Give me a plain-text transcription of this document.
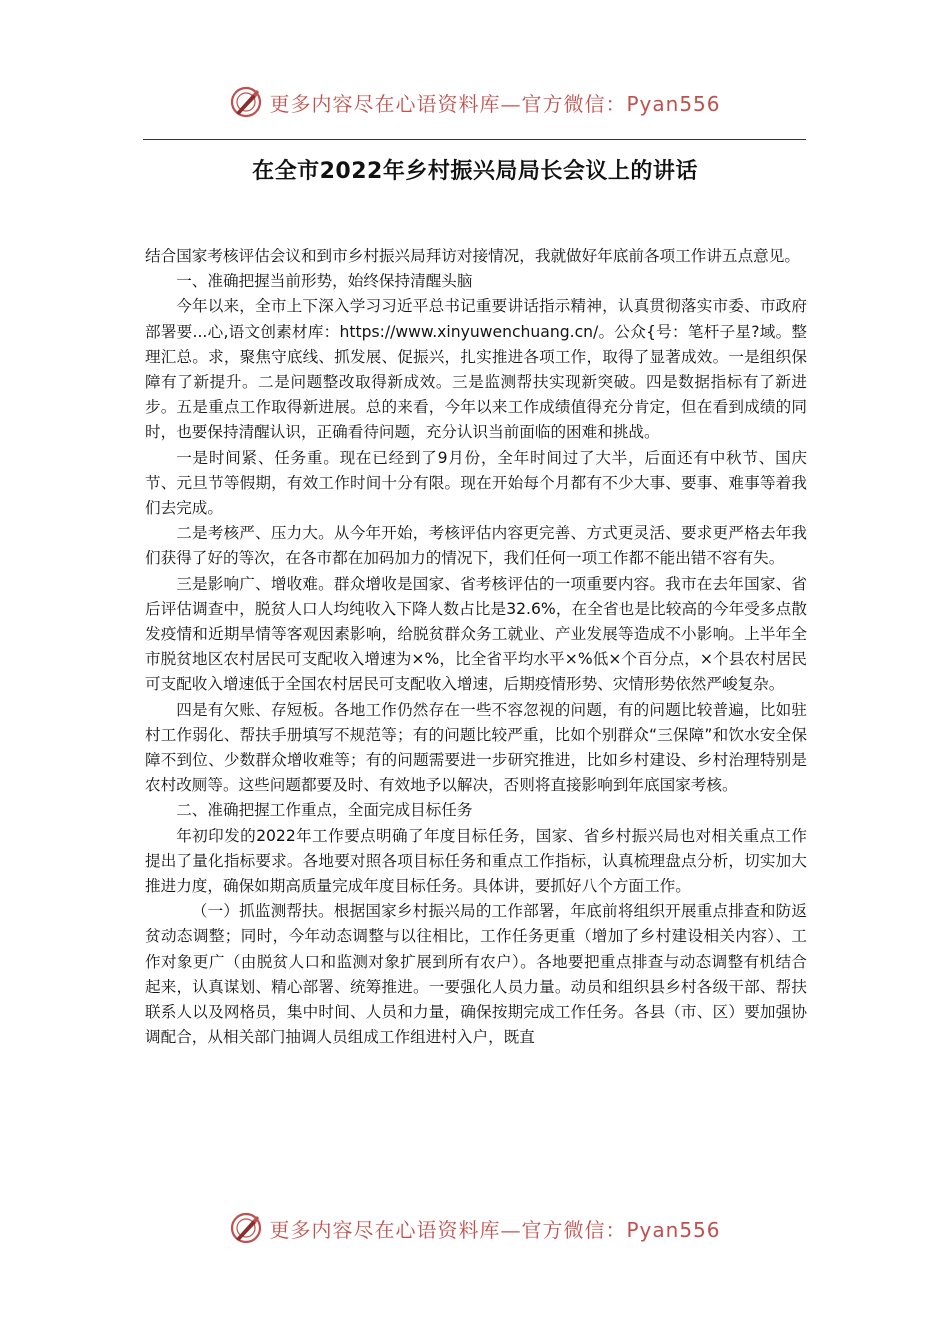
更多内容尽在心语资料库—官方微信：Pyan556
在全市2022年乡村振兴局局长会议上的讲话

结合国家考核评估会议和到市乡村振兴局拜访对接情况，我就做好年底前各项工作讲五点意见。

一、准确把握当前形势，始终保持清醒头脑

今年以来，全市上下深入学习习近平总书记重要讲话指示精神，认真贯彻落实市委、市政府部署要...心,语文创素材库：https://www.xinyuwenchuang.cn/。公众{号：笔杆子星?域。整理汇总。求，聚焦守底线、抓发展、促振兴，扎实推进各项工作，取得了显著成效。一是组织保障有了新提升。二是问题整改取得新成效。三是监测帮扶实现新突破。四是数据指标有了新进步。五是重点工作取得新进展。总的来看，今年以来工作成绩值得充分肯定，但在看到成绩的同时，也要保持清醒认识，正确看待问题，充分认识当前面临的困难和挑战。

一是时间紧、任务重。现在已经到了9月份，全年时间过了大半，后面还有中秋节、国庆节、元旦节等假期，有效工作时间十分有限。现在开始每个月都有不少大事、要事、难事等着我们去完成。

二是考核严、压力大。从今年开始，考核评估内容更完善、方式更灵活、要求更严格去年我们获得了好的等次，在各市都在加码加力的情况下，我们任何一项工作都不能出错不容有失。

三是影响广、增收难。群众增收是国家、省考核评估的一项重要内容。我市在去年国家、省后评估调查中，脱贫人口人均纯收入下降人数占比是32.6%，在全省也是比较高的今年受多点散发疫情和近期旱情等客观因素影响，给脱贫群众务工就业、产业发展等造成不小影响。上半年全市脱贫地区农村居民可支配收入增速为×%，比全省平均水平×%低×个百分点，×个县农村居民可支配收入增速低于全国农村居民可支配收入增速，后期疫情形势、灾情形势依然严峻复杂。

四是有欠账、存短板。各地工作仍然存在一些不容忽视的问题，有的问题比较普遍，比如驻村工作弱化、帮扶手册填写不规范等；有的问题比较严重，比如个别群众“三保障”和饮水安全保障不到位、少数群众增收难等；有的问题需要进一步研究推进，比如乡村建设、乡村治理特别是农村改厕等。这些问题都要及时、有效地予以解决，否则将直接影响到年底国家考核。

二、准确把握工作重点，全面完成目标任务

年初印发的2022年工作要点明确了年度目标任务，国家、省乡村振兴局也对相关重点工作提出了量化指标要求。各地要对照各项目标任务和重点工作指标，认真梳理盘点分析，切实加大推进力度，确保如期高质量完成年度目标任务。具体讲，要抓好八个方面工作。

（一）抓监测帮扶。根据国家乡村振兴局的工作部署，年底前将组织开展重点排查和防返贫动态调整；同时，今年动态调整与以往相比，工作任务更重（增加了乡村建设相关内容）、工作对象更广（由脱贫人口和监测对象扩展到所有农户）。各地要把重点排查与动态调整有机结合起来，认真谋划、精心部署、统筹推进。一要强化人员力量。动员和组织县乡村各级干部、帮扶联系人以及网格员，集中时间、人员和力量，确保按期完成工作任务。各县（市、区）要加强协调配合，从相关部门抽调人员组成工作组进村入户，既直

更多内容尽在心语资料库—官方微信：Pyan556
